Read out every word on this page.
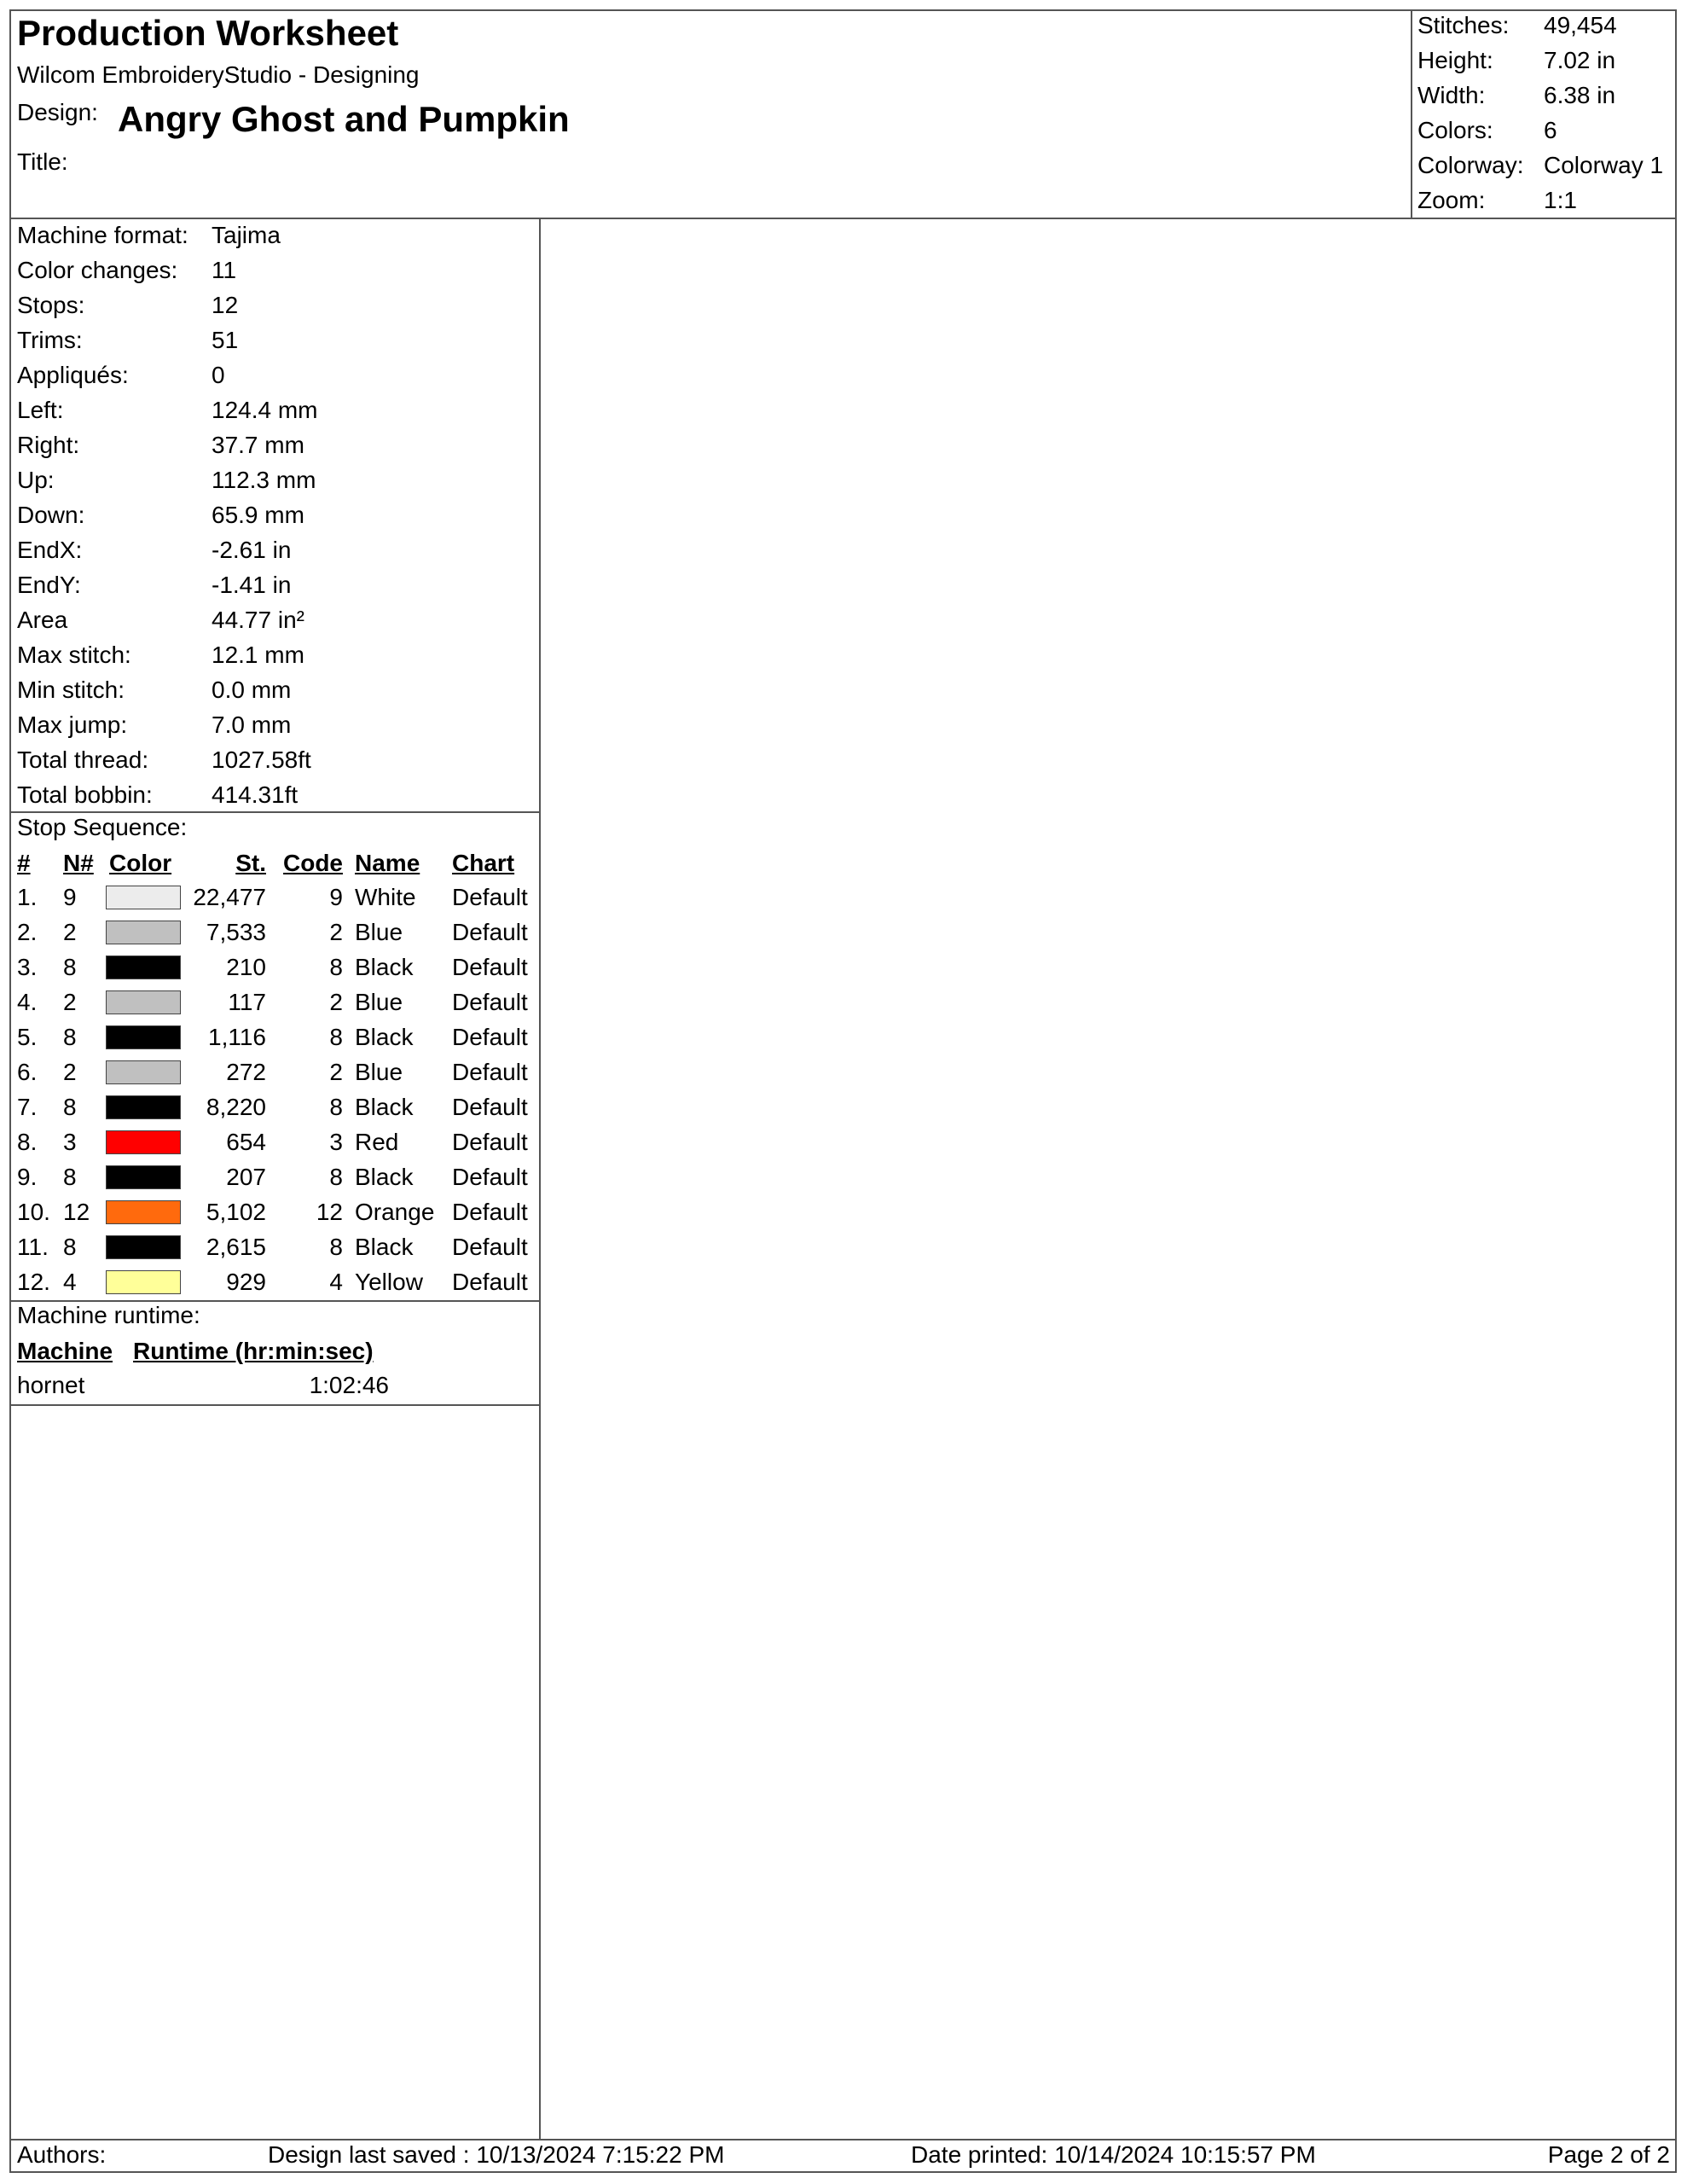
Production Worksheet
Wilcom EmbroideryStudio - Designing
Design: Angry Ghost and Pumpkin
Title:
Stitches: 49,454
Height: 7.02 in
Width: 6.38 in
Colors: 6
Colorway: Colorway 1
Zoom: 1:1
Machine format: Tajima
Color changes: 11
Stops:	12
Trims:	51
Appliqués:	0
Left:	124.4 mm
Right:	37.7 mm
Up:	112.3 mm
Down:	65.9 mm
EndX:	-2.61 in
EndY:	-1.41 in
Area	44.77 in²
Max stitch:	12.1 mm
Min stitch:	0.0 mm
Max jump:	7.0 mm
Total thread:	1027.58ft
Total bobbin: 414.31ft
Stop Sequence:
# N# Color	St. Code Name Chart
1. 9	22,477	9 White Default
2. 2	7,533	2 Blue Default
3. 8	210	8 Black Default
4. 2	117	2 Blue Default
5. 8	1,116	8 Black Default
6. 2	272	2 Blue Default
7. 8	8,220	8 Black Default
8. 3	654	3 Red Default
9. 8	207	8 Black Default
10. 12	5,102	12 Orange Default
11. 8	2,615	8 Black Default
12. 4	929	4 Yellow Default
Machine runtime:
Machine Runtime (hr:min:sec)
hornet	1:02:46
Authors:	Design last saved : 10/13/2024 7:15:22 PM	Date printed: 10/14/2024 10:15:57 PM	Page 2 of 2
